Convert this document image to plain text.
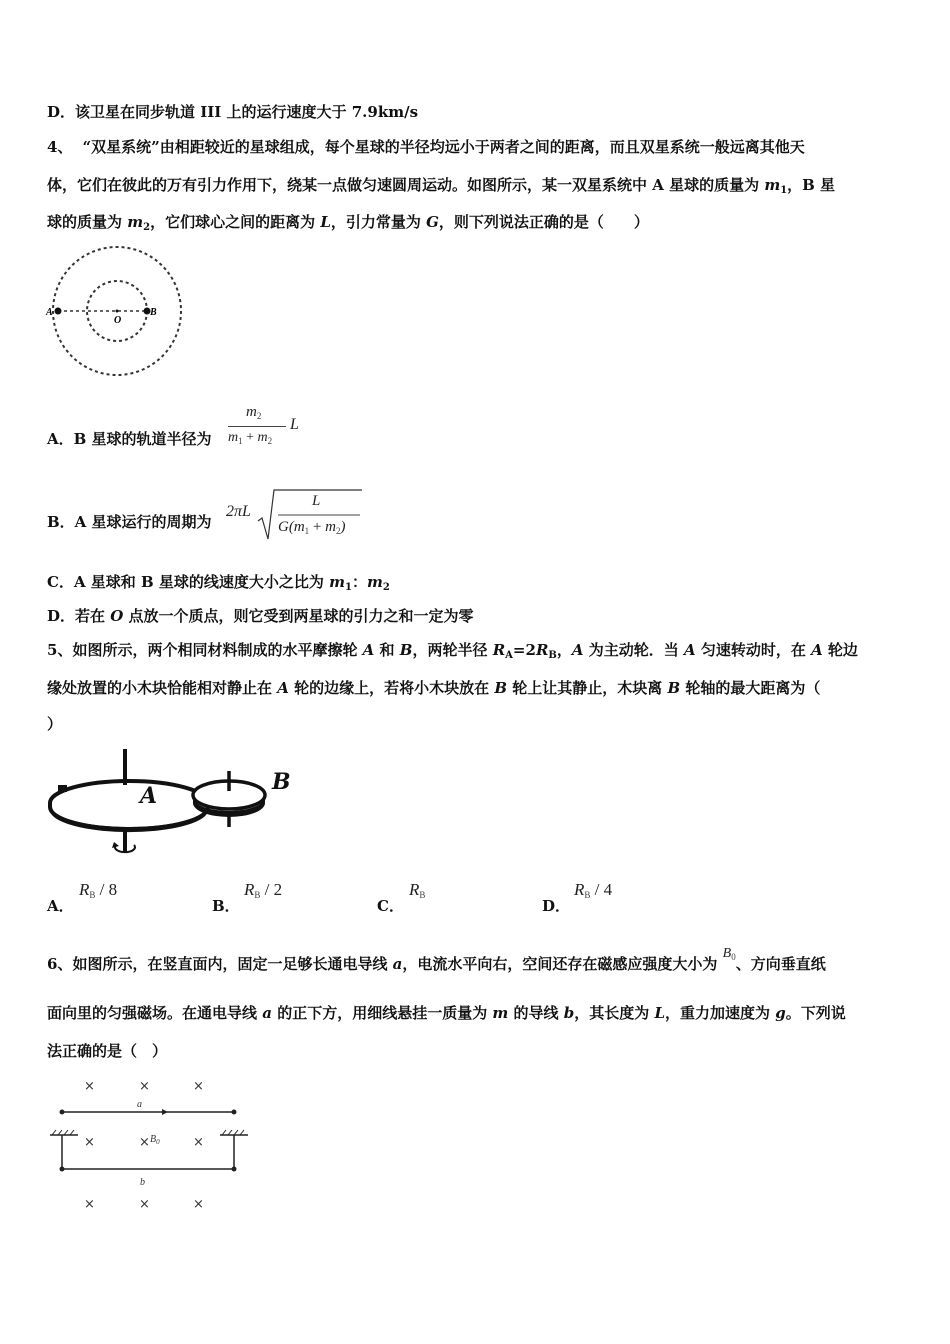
D．该卫星在同步轨道 III 上的运行速度大于 7.9km/s
4、 “双星系统”由相距较近的星球组成，每个星球的半径均远小于两者之间的距离，而且双星系统一般远离其他天
体，它们在彼此的万有引力作用下，绕某一点做匀速圆周运动。如图所示，某一双星系统中 A 星球的质量为 $m_1$，B 星
球的质量为 $m_2$，它们球心之间的距离为 L，引力常量为 G，则下列说法正确的是（　　）
A
O
B
A．B 星球的轨道半径为
$m_2$
$m_1 + m_2$
L
B．A 星球运行的周期为
2πL
L
$G(m_1 + m_2)$
C．A 星球和 B 星球的线速度大小之比为 $m_1$：$m_2$
D．若在 O 点放一个质点，则它受到两星球的引力之和一定为零
5、如图所示，两个相同材料制成的水平摩擦轮 A 和 B，两轮半径 $R_A=2R_B$，A 为主动轮．当 A 匀速转动时，在 A 轮边
缘处放置的小木块恰能相对静止在 A 轮的边缘上，若将小木块放在 B 轮上让其静止，木块离 B 轮轴的最大距离为（
）
A
B
A．
RB / 8
B．
RB / 2
C．
RB
D．
RB / 4
6、如图所示，在竖直面内，固定一足够长通电导线 a，电流水平向右，空间还存在磁感应强度大小为 $B_0$、方向垂直纸
面向里的匀强磁场。在通电导线 a 的正下方，用细线悬挂一质量为 m 的导线 b，其长度为 L，重力加速度为 g。下列说
法正确的是（　）
×	×	×
×	×	×
×	×	×
a
b
$B_0$
